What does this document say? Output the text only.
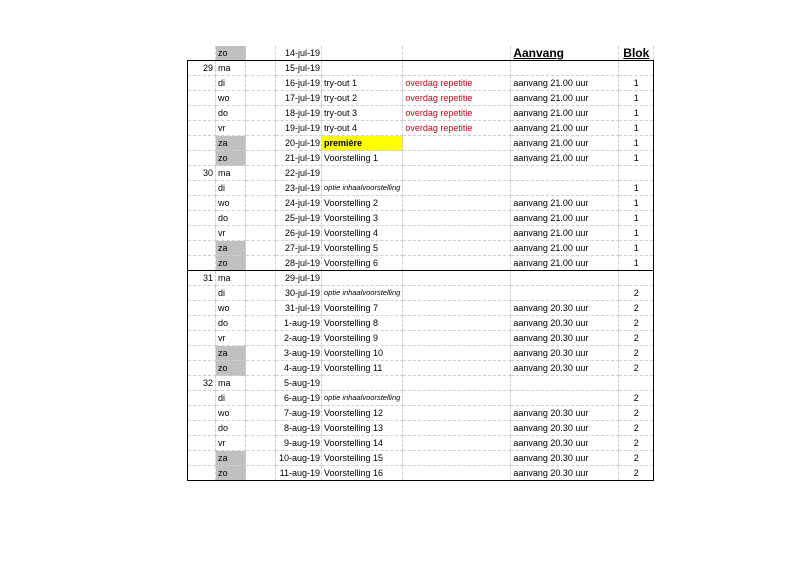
	zo		14-jul-19			Aanvang	Blok
29	ma		15-jul-19				
	di		16-jul-19	try-out 1	overdag repetitie	aanvang 21.00 uur	1
	wo		17-jul-19	try-out 2	overdag repetitie	aanvang 21.00 uur	1
	do		18-jul-19	try-out 3	overdag repetitie	aanvang 21.00 uur	1
	vr		19-jul-19	try-out 4	overdag repetitie	aanvang 21.00 uur	1
	za		20-jul-19	première		aanvang 21.00 uur	1
	zo		21-jul-19	Voorstelling 1		aanvang 21.00 uur	1
30	ma		22-jul-19				
	di		23-jul-19	optie inhaalvoorstelling			1
	wo		24-jul-19	Voorstelling 2		aanvang 21.00 uur	1
	do		25-jul-19	Voorstelling 3		aanvang 21.00 uur	1
	vr		26-jul-19	Voorstelling 4		aanvang 21.00 uur	1
	za		27-jul-19	Voorstelling 5		aanvang 21.00 uur	1
	zo		28-jul-19	Voorstelling 6		aanvang 21.00 uur	1
31	ma		29-jul-19				
	di		30-jul-19	optie inhaalvoorstelling			2
	wo		31-jul-19	Voorstelling 7		aanvang 20.30 uur	2
	do		1-aug-19	Voorstelling 8		aanvang 20.30 uur	2
	vr		2-aug-19	Voorstelling 9		aanvang 20.30 uur	2
	za		3-aug-19	Voorstelling 10		aanvang 20.30 uur	2
	zo		4-aug-19	Voorstelling 11		aanvang 20.30 uur	2
32	ma		5-aug-19				
	di		6-aug-19	optie inhaalvoorstelling			2
	wo		7-aug-19	Voorstelling 12		aanvang 20.30 uur	2
	do		8-aug-19	Voorstelling 13		aanvang 20.30 uur	2
	vr		9-aug-19	Voorstelling 14		aanvang 20.30 uur	2
	za		10-aug-19	Voorstelling 15		aanvang 20.30 uur	2
	zo		11-aug-19	Voorstelling 16		aanvang 20.30 uur	2
